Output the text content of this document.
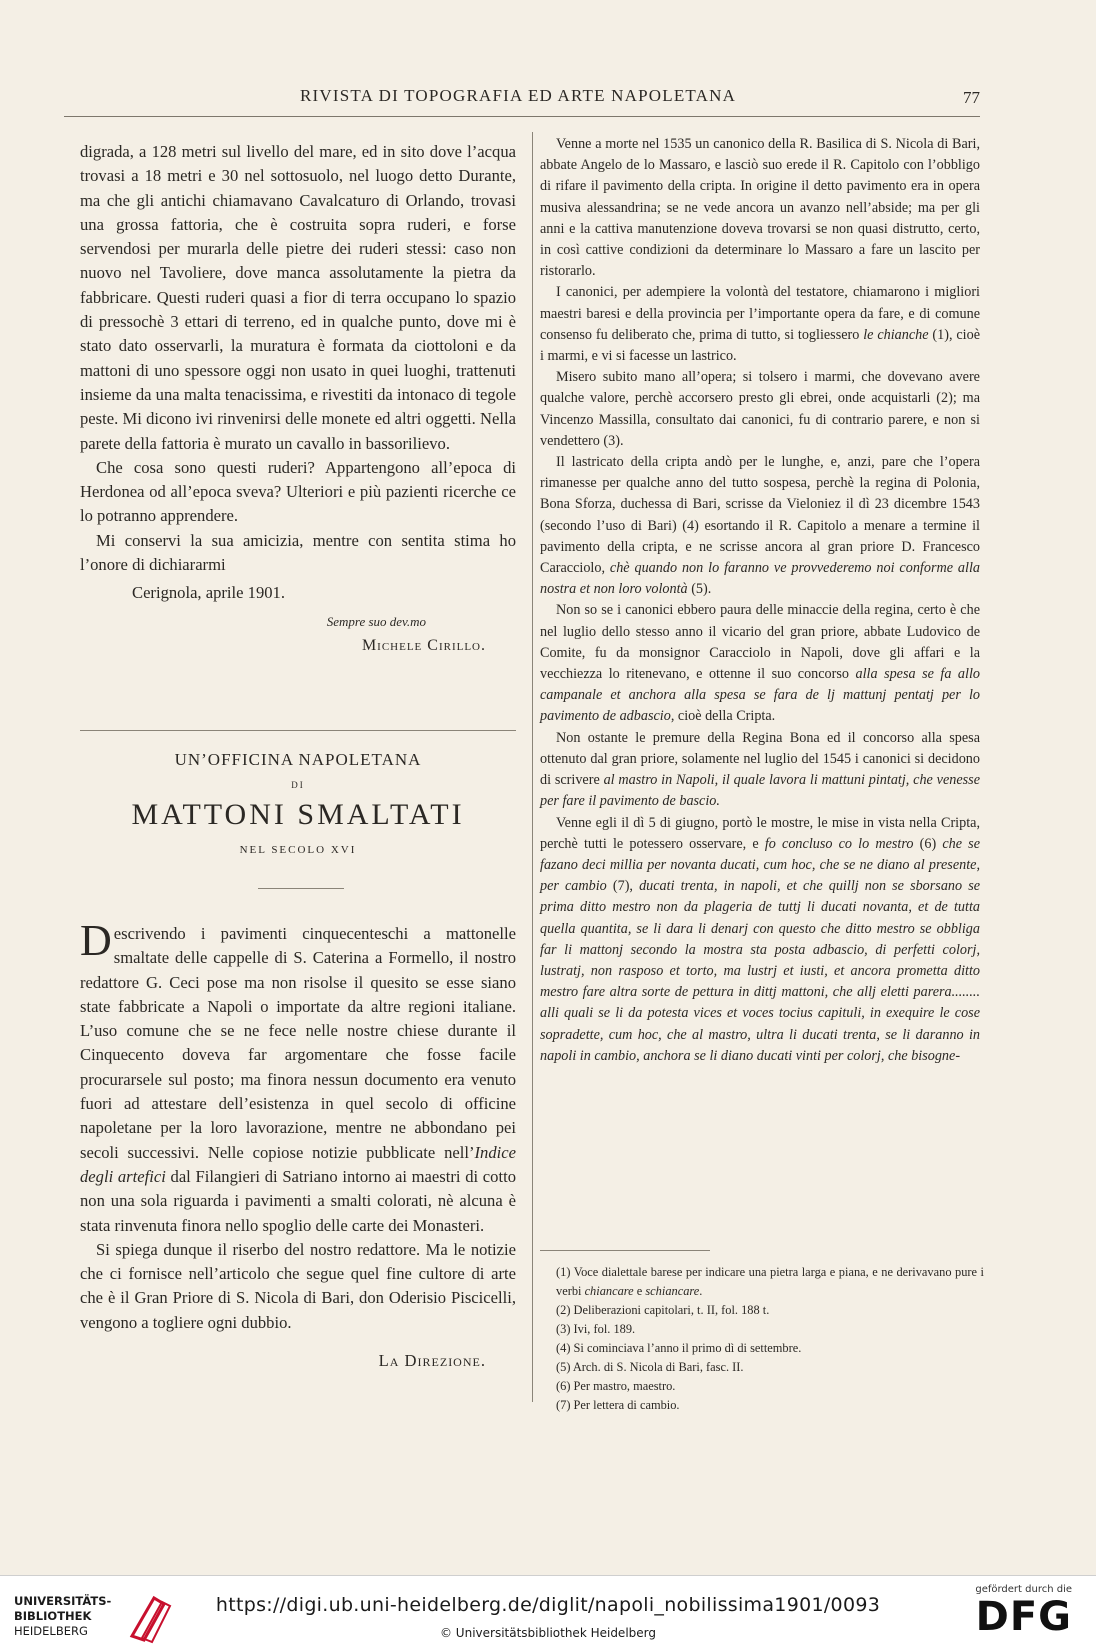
RIVISTA DI TOPOGRAFIA ED ARTE NAPOLETANA	77

digrada, a 128 metri sul livello del mare, ed in sito dove l’acqua trovasi a 18 metri e 30 nel sottosuolo, nel luogo detto Durante, ma che gli antichi chiamavano Cavalcaturo di Orlando, trovasi una grossa fattoria, che è costruita sopra ruderi, e forse servendosi per murarla delle pietre dei ruderi stessi: caso non nuovo nel Tavoliere, dove manca assolutamente la pietra da fabbricare. Questi ruderi quasi a fior di terra occupano lo spazio di pressochè 3 ettari di terreno, ed in qualche punto, dove mi è stato dato osservarli, la muratura è formata da ciottoloni e da mattoni di uno spessore oggi non usato in quei luoghi, trattenuti insieme da una malta tenacissima, e rivestiti da intonaco di tegole peste. Mi dicono ivi rinvenirsi delle monete ed altri oggetti. Nella parete della fattoria è murato un cavallo in bassorilievo.

Che cosa sono questi ruderi? Appartengono all’epoca di Herdonea od all’epoca sveva? Ulteriori e più pazienti ricerche ce lo potranno apprendere.

Mi conservi la sua amicizia, mentre con sentita stima ho l’onore di dichiararmi

Cerignola, aprile 1901.

Sempre suo dev.mo
Michele Cirillo.
UN’OFFICINA NAPOLETANA
DI
MATTONI SMALTATI
NEL SECOLO XVI

Descrivendo i pavimenti cinquecenteschi a mattonelle smaltate delle cappelle di S. Caterina a Formello, il nostro redattore G. Ceci pose ma non risolse il quesito se esse siano state fabbricate a Napoli o importate da altre regioni italiane. L’uso comune che se ne fece nelle nostre chiese durante il Cinquecento doveva far argomentare che fosse facile procurarsele sul posto; ma finora nessun documento era venuto fuori ad attestare dell’esistenza in quel secolo di officine napoletane per la loro lavorazione, mentre ne abbondano pei secoli successivi. Nelle copiose notizie pubblicate nell’Indice degli artefici dal Filangieri di Satriano intorno ai maestri di cotto non una sola riguarda i pavimenti a smalti colorati, nè alcuna è stata rinvenuta finora nello spoglio delle carte dei Monasteri.

Si spiega dunque il riserbo del nostro redattore. Ma le notizie che ci fornisce nell’articolo che segue quel fine cultore di arte che è il Gran Priore di S. Nicola di Bari, don Oderisio Piscicelli, vengono a togliere ogni dubbio.

La Direzione.

Venne a morte nel 1535 un canonico della R. Basilica di S. Nicola di Bari, abbate Angelo de lo Massaro, e lasciò suo erede il R. Capitolo con l’obbligo di rifare il pavimento della cripta. In origine il detto pavimento era in opera musiva alessandrina; se ne vede ancora un avanzo nell’abside; ma per gli anni e la cattiva manutenzione doveva trovarsi se non quasi distrutto, certo, in così cattive condizioni da determinare lo Massaro a fare un lascito per ristorarlo.

I canonici, per adempiere la volontà del testatore, chiamarono i migliori maestri baresi e della provincia per l’importante opera da fare, e di comune consenso fu deliberato che, prima di tutto, si togliessero le chianche (1), cioè i marmi, e vi si facesse un lastrico.

Misero subito mano all’opera; si tolsero i marmi, che dovevano avere qualche valore, perchè accorsero presto gli ebrei, onde acquistarli (2); ma Vincenzo Massilla, consultato dai canonici, fu di contrario parere, e non si vendettero (3).

Il lastricato della cripta andò per le lunghe, e, anzi, pare che l’opera rimanesse per qualche anno del tutto sospesa, perchè la regina di Polonia, Bona Sforza, duchessa di Bari, scrisse da Vieloniez il dì 23 dicembre 1543 (secondo l’uso di Bari) (4) esortando il R. Capitolo a menare a termine il pavimento della cripta, e ne scrisse ancora al gran priore D. Francesco Caracciolo, chè quando non lo faranno ve provvederemo noi conforme alla nostra et non loro volontà (5).

Non so se i canonici ebbero paura delle minaccie della regina, certo è che nel luglio dello stesso anno il vicario del gran priore, abbate Ludovico de Comite, fu da monsignor Caracciolo in Napoli, dove gli affari e la vecchiezza lo ritenevano, e ottenne il suo concorso alla spesa se fa allo campanale et anchora alla spesa se fara de lj mattunj pentatj per lo pavimento de adbascio, cioè della Cripta.

Non ostante le premure della Regina Bona ed il concorso alla spesa ottenuto dal gran priore, solamente nel luglio del 1545 i canonici si decidono di scrivere al mastro in Napoli, il quale lavora li mattuni pintatj, che venesse per fare il pavimento de bascio.

Venne egli il dì 5 di giugno, portò le mostre, le mise in vista nella Cripta, perchè tutti le potessero osservare, e fo concluso co lo mestro (6) che se fazano deci millia per novanta ducati, cum hoc, che se ne diano al presente, per cambio (7), ducati trenta, in napoli, et che quillj non se sborsano se prima ditto mestro non da plageria de tuttj li ducati novanta, et de tutta quella quantita, se li dara li denarj con questo che ditto mestro se obbliga far li mattonj secondo la mostra sta posta adbascio, di perfetti colorj, lustratj, non rasposo et torto, ma lustrj et iusti, et ancora prometta ditto mestro fare altra sorte de pettura in dittj mattoni, che allj eletti parera........ alli quali se li da potesta vices et voces tocius capituli, in exequire le cose sopradette, cum hoc, che al mastro, ultra li ducati trenta, se li daranno in napoli in cambio, anchora se li diano ducati vinti per colorj, che bisogne-

(1) Voce dialettale barese per indicare una pietra larga e piana, e ne derivavano pure i verbi chiancare e schiancare.

(2) Deliberazioni capitolari, t. II, fol. 188 t.

(3) Ivi, fol. 189.

(4) Si cominciava l’anno il primo dì di settembre.

(5) Arch. di S. Nicola di Bari, fasc. II.

(6) Per mastro, maestro.

(7) Per lettera di cambio.

UNIVERSITÄTS-
BIBLIOTHEK
HEIDELBERG
https://digi.ub.uni-heidelberg.de/diglit/napoli_nobilissima1901/0093
© Universitätsbibliothek Heidelberg
gefördert durch die
DFG
